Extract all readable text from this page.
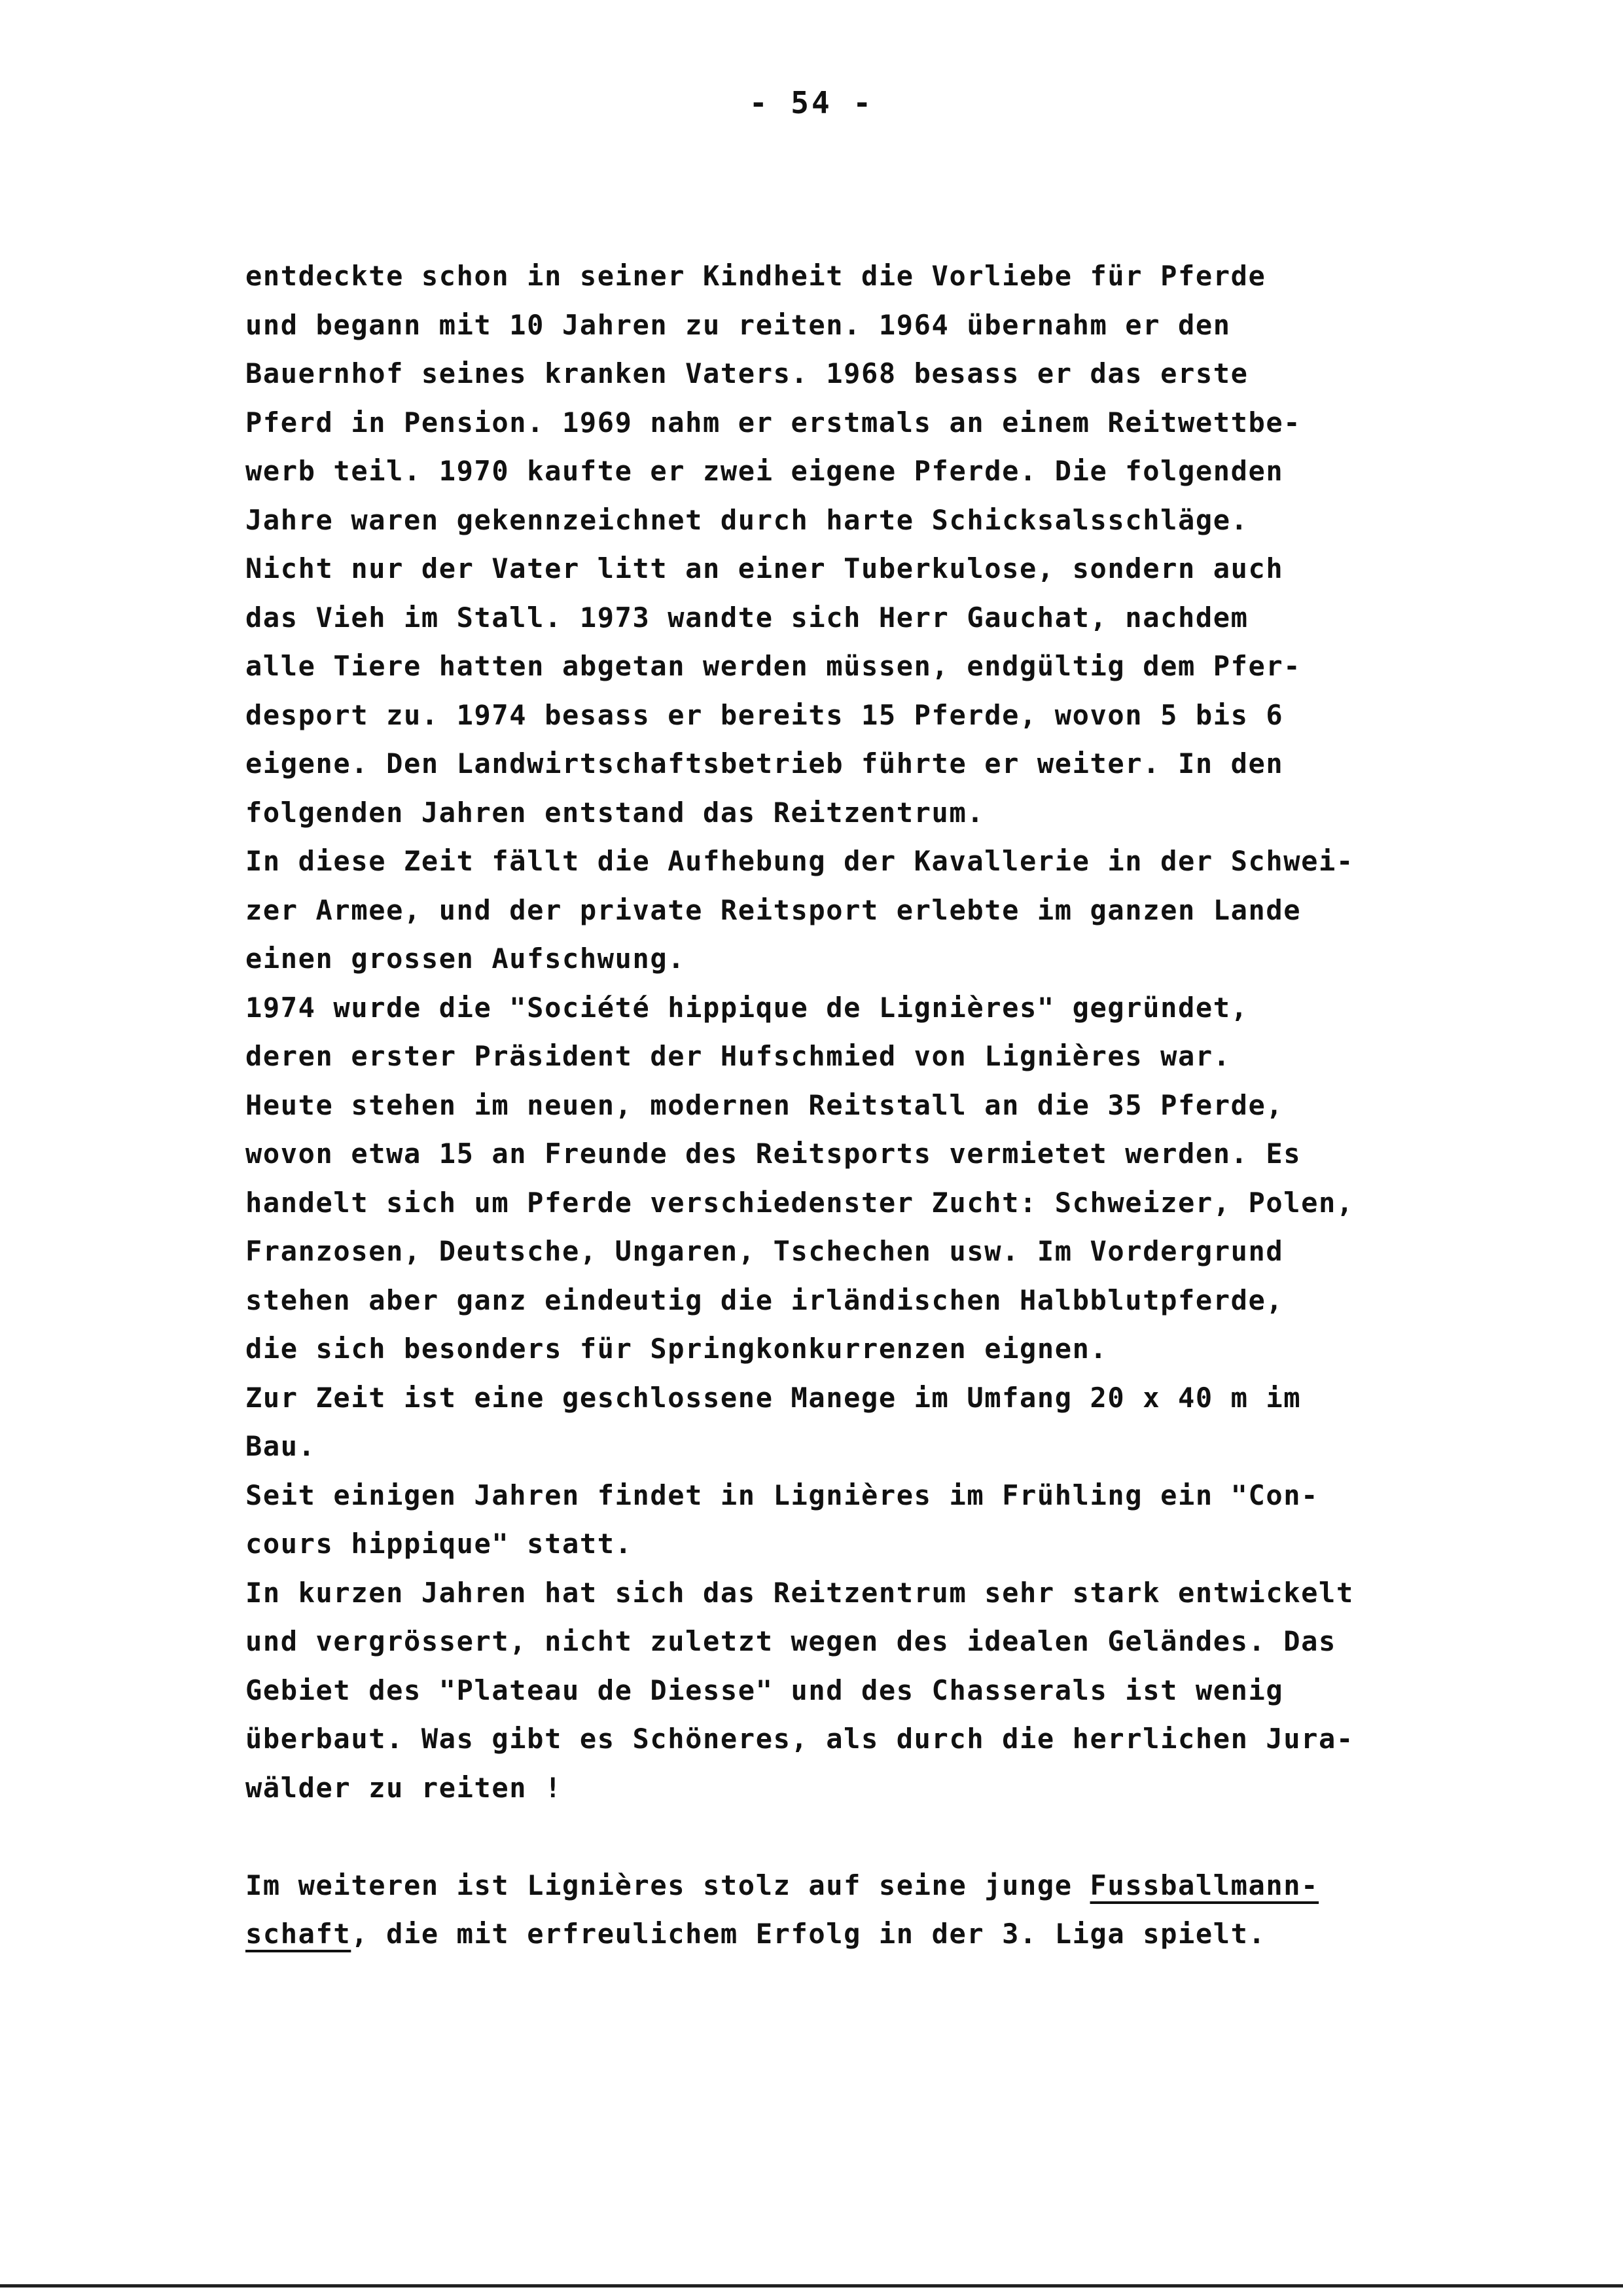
- 54 -
entdeckte schon in seiner Kindheit die Vorliebe für Pferde
und begann mit 10 Jahren zu reiten. 1964 übernahm er den
Bauernhof seines kranken Vaters. 1968 besass er das erste
Pferd in Pension. 1969 nahm er erstmals an einem Reitwettbe-
werb teil. 1970 kaufte er zwei eigene Pferde. Die folgenden
Jahre waren gekennzeichnet durch harte Schicksalsschläge.
Nicht nur der Vater litt an einer Tuberkulose, sondern auch
das Vieh im Stall. 1973 wandte sich Herr Gauchat, nachdem
alle Tiere hatten abgetan werden müssen, endgültig dem Pfer-
desport zu. 1974 besass er bereits 15 Pferde, wovon 5 bis 6
eigene. Den Landwirtschaftsbetrieb führte er weiter. In den
folgenden Jahren entstand das Reitzentrum.
In diese Zeit fällt die Aufhebung der Kavallerie in der Schwei-
zer Armee, und der private Reitsport erlebte im ganzen Lande
einen grossen Aufschwung.
1974 wurde die "Société hippique de Lignières" gegründet,
deren erster Präsident der Hufschmied von Lignières war.
Heute stehen im neuen, modernen Reitstall an die 35 Pferde,
wovon etwa 15 an Freunde des Reitsports vermietet werden. Es
handelt sich um Pferde verschiedenster Zucht: Schweizer, Polen,
Franzosen, Deutsche, Ungaren, Tschechen usw. Im Vordergrund
stehen aber ganz eindeutig die irländischen Halbblutpferde,
die sich besonders für Springkonkurrenzen eignen.
Zur Zeit ist eine geschlossene Manege im Umfang 20 x 40 m im
Bau.
Seit einigen Jahren findet in Lignières im Frühling ein "Con-
cours hippique" statt.
In kurzen Jahren hat sich das Reitzentrum sehr stark entwickelt
und vergrössert, nicht zuletzt wegen des idealen Geländes. Das
Gebiet des "Plateau de Diesse" und des Chasserals ist wenig
überbaut. Was gibt es Schöneres, als durch die herrlichen Jura-
wälder zu reiten !
Im weiteren ist Lignières stolz auf seine junge Fussballmann-
schaft, die mit erfreulichem Erfolg in der 3. Liga spielt.
